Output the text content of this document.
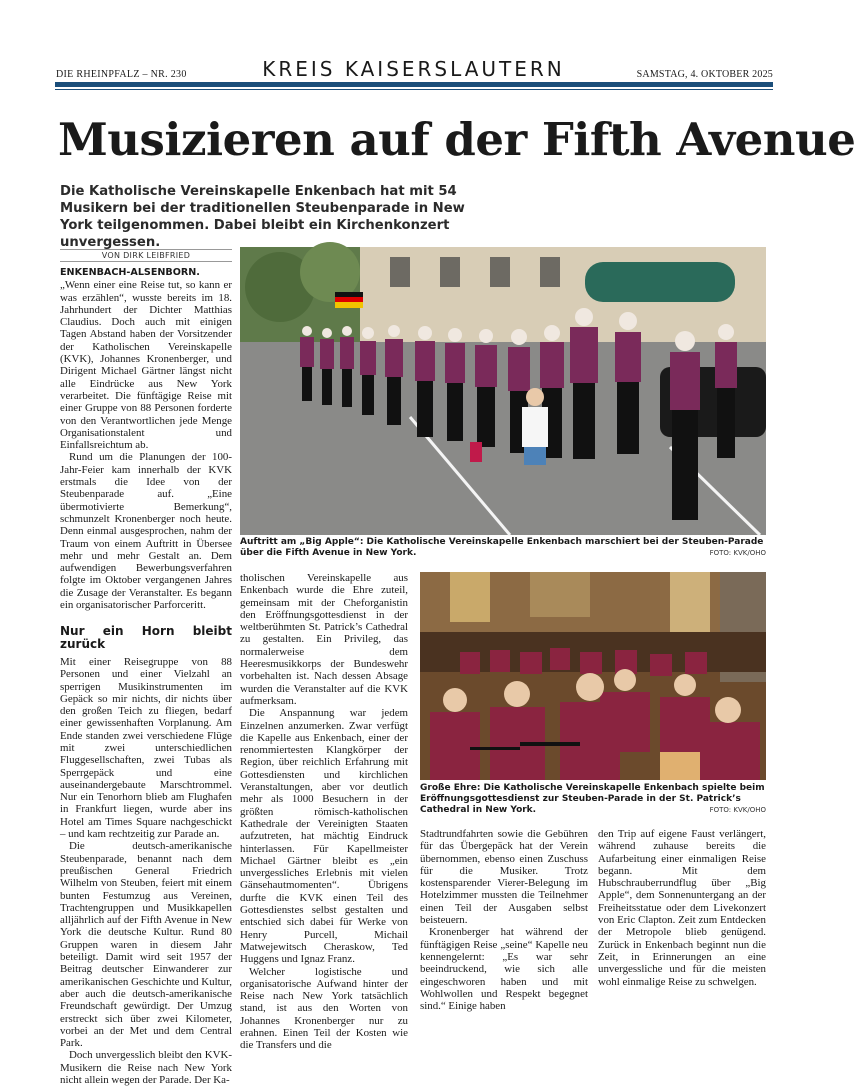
DIE RHEINPFALZ – NR. 230	KREIS KAISERSLAUTERN	SAMSTAG, 4. OKTOBER 2025
Musizieren auf der Fifth Avenue
Die Katholische Vereinskapelle Enkenbach hat mit 54 Musikern bei der traditionellen Steubenparade in New York teilgenommen. Dabei bleibt ein Kirchenkonzert unvergessen.
VON DIRK LEIBFRIED

ENKENBACH-ALSENBORN. „Wenn einer eine Reise tut, so kann er was erzählen“, wusste bereits im 18. Jahrhundert der Dichter Matthias Claudius. Doch auch mit einigen Tagen Abstand haben der Vorsitzender der Katholischen Vereinskapelle (KVK), Johannes Kronenberger, und Dirigent Michael Gärtner längst nicht alle Eindrücke aus New York verarbeitet. Die fünftägige Reise mit einer Gruppe von 88 Personen forderte von den Verantwortlichen jede Menge Organisationstalent und Einfallsreichtum ab.

Rund um die Planungen der 100-Jahr-Feier kam innerhalb der KVK erstmals die Idee von der Steubenparade auf. „Eine übermotivierte Bemerkung“, schmunzelt Kronenberger noch heute. Denn einmal ausgesprochen, nahm der Traum von einem Auftritt in Übersee mehr und mehr Gestalt an. Dem aufwendigen Bewerbungsverfahren folgte im Oktober vergangenen Jahres die Zusage der Veranstalter. Es begann ein organisatorischer Parforceritt.

Nur ein Horn bleibt zurück

Mit einer Reisegruppe von 88 Personen und einer Vielzahl an sperrigen Musikinstrumenten im Gepäck so mir nichts, dir nichts über den großen Teich zu fliegen, bedarf einer gewissenhaften Vorplanung. Am Ende standen zwei verschiedene Flüge mit zwei unterschiedlichen Fluggesellschaften, zwei Tubas als Sperrgepäck und eine auseinandergebaute Marschtrommel. Nur ein Tenorhorn blieb am Flughafen in Frankfurt liegen, wurde aber ins Hotel am Times Square nachgeschickt – und kam rechtzeitig zur Parade an.

Die deutsch-amerikanische Steubenparade, benannt nach dem preußischen General Friedrich Wilhelm von Steuben, feiert mit einem bunten Festumzug aus Vereinen, Trachtengruppen und Musikkapellen alljährlich auf der Fifth Avenue in New York die deutsche Kultur. Rund 80 Gruppen waren in diesem Jahr beteiligt. Damit wird seit 1957 der Beitrag deutscher Einwanderer zur amerikanischen Geschichte und Kultur, aber auch die deutsch-amerikanische Freundschaft gewürdigt. Der Umzug erstreckt sich über zwei Kilometer, vorbei an der Met und dem Central Park.

Doch unvergesslich bleibt den KVK-Musikern die Reise nach New York nicht allein wegen der Parade. Der Ka-

Auftritt am „Big Apple“: Die Katholische Vereinskapelle Enkenbach marschiert bei der Steuben-Parade über die Fifth Avenue in New York.	FOTO: KVK/OHO

tholischen Vereinskapelle aus Enkenbach wurde die Ehre zuteil, gemeinsam mit der Cheforganistin den Eröffnungsgottesdienst in der weltberühmten St. Patrick’s Cathedral zu gestalten. Ein Privileg, das normalerweise dem Heeresmusikkorps der Bundeswehr vorbehalten ist. Nach dessen Absage wurden die Veranstalter auf die KVK aufmerksam.

Die Anspannung war jedem Einzelnen anzumerken. Zwar verfügt die Kapelle aus Enkenbach, einer der renommiertesten Klangkörper der Region, über reichlich Erfahrung mit Gottesdiensten und kirchlichen Veranstaltungen, aber vor deutlich mehr als 1000 Besuchern in der größten römisch-katholischen Kathedrale der Vereinigten Staaten aufzutreten, hat mächtig Eindruck hinterlassen. Für Kapellmeister Michael Gärtner bleibt es „ein unvergessliches Erlebnis mit vielen Gänsehautmomenten“. Übrigens durfte die KVK einen Teil des Gottesdienstes selbst gestalten und entschied sich dabei für Werke von Henry Purcell, Michail Matwejewitsch Cheraskow, Ted Huggens und Ignaz Franz.

Welcher logistische und organisatorische Aufwand hinter der Reise nach New York tatsächlich stand, ist aus den Worten von Johannes Kronenberger nur zu erahnen. Einen Teil der Kosten wie die Transfers und die

Große Ehre: Die Katholische Vereinskapelle Enkenbach spielte beim Eröffnungsgottesdienst zur Steuben-Parade in der St. Patrick’s Cathedral in New York.	FOTO: KVK/OHO

Stadtrundfahrten sowie die Gebühren für das Übergepäck hat der Verein übernommen, ebenso einen Zuschuss für die Musiker. Trotz kostensparender Vierer-Belegung im Hotelzimmer mussten die Teilnehmer einen Teil der Ausgaben selbst beisteuern.

Kronenberger hat während der fünftägigen Reise „seine“ Kapelle neu kennengelernt: „Es war sehr beeindruckend, wie sich alle eingeschworen haben und mit Wohlwollen und Respekt begegnet sind.“ Einige haben

den Trip auf eigene Faust verlängert, während zuhause bereits die Aufarbeitung einer einmaligen Reise begann. Mit dem Hubschrauberrundflug über „Big Apple“, dem Sonnenuntergang an der Freiheitsstatue oder dem Livekonzert von Eric Clapton. Zeit zum Entdecken der Metropole blieb genügend. Zurück in Enkenbach beginnt nun die Zeit, in Erinnerungen an eine unvergessliche und für die meisten wohl einmalige Reise zu schwelgen.
